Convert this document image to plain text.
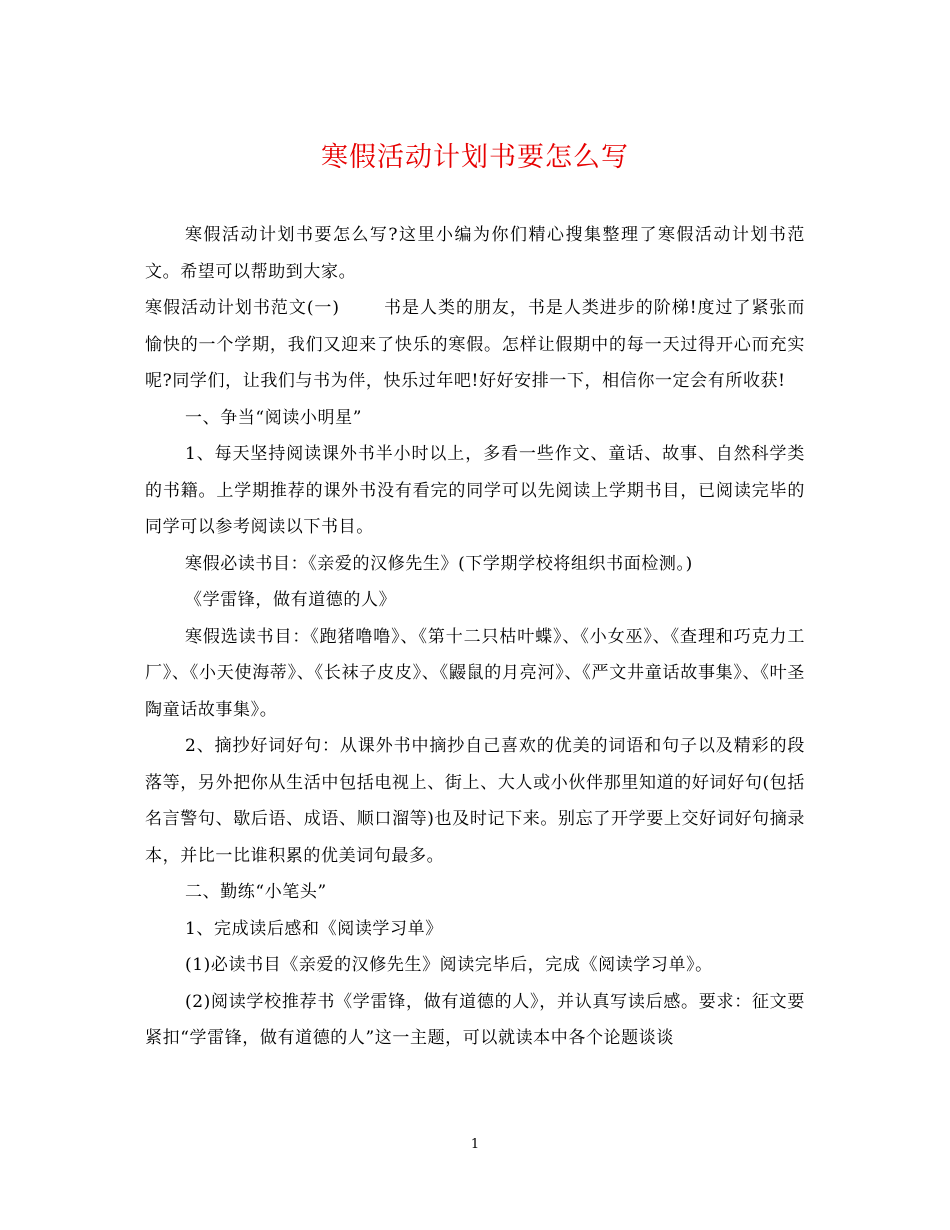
寒假活动计划书要怎么写

寒假活动计划书要怎么写?这里小编为你们精心搜集整理了寒假活动计划书范文。希望可以帮助到大家。

寒假活动计划书范文(一)	书是人类的朋友，书是人类进步的阶梯!度过了紧张而愉快的一个学期，我们又迎来了快乐的寒假。怎样让假期中的每一天过得开心而充实呢?同学们，让我们与书为伴，快乐过年吧!好好安排一下，相信你一定会有所收获!

一、争当“阅读小明星”

1、每天坚持阅读课外书半小时以上，多看一些作文、童话、故事、自然科学类的书籍。上学期推荐的课外书没有看完的同学可以先阅读上学期书目，已阅读完毕的同学可以参考阅读以下书目。

寒假必读书目：《亲爱的汉修先生》(下学期学校将组织书面检测。)

《学雷锋，做有道德的人》

寒假选读书目：《跑猪噜噜》、《第十二只枯叶蝶》、《小女巫》、《查理和巧克力工厂》、《小天使海蒂》、《长袜子皮皮》、《鼹鼠的月亮河》、《严文井童话故事集》、《叶圣陶童话故事集》。

2、摘抄好词好句：从课外书中摘抄自己喜欢的优美的词语和句子以及精彩的段落等，另外把你从生活中包括电视上、街上、大人或小伙伴那里知道的好词好句(包括名言警句、歇后语、成语、顺口溜等)也及时记下来。别忘了开学要上交好词好句摘录本，并比一比谁积累的优美词句最多。

二、勤练“小笔头”

1、完成读后感和《阅读学习单》

(1)必读书目《亲爱的汉修先生》阅读完毕后，完成《阅读学习单》。

(2)阅读学校推荐书《学雷锋，做有道德的人》，并认真写读后感。要求：征文要紧扣“学雷锋，做有道德的人”这一主题，可以就读本中各个论题谈谈

1
